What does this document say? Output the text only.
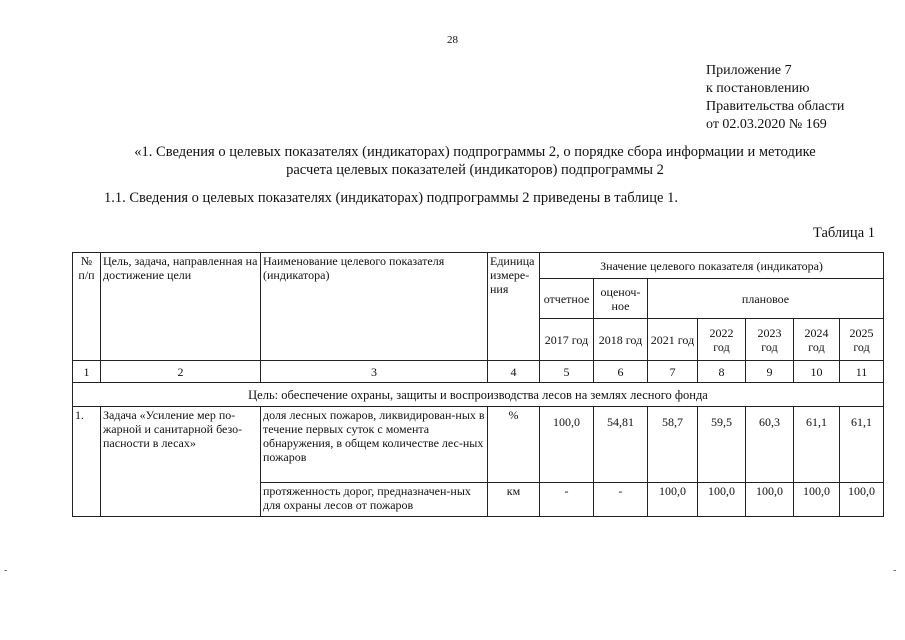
28
Приложение 7
к постановлению
Правительства области
от 02.03.2020 № 169
«1. Сведения о целевых показателях (индикаторах) подпрограммы 2, о порядке сбора информации и методике
расчета целевых показателей (индикаторов) подпрограммы 2
1.1. Сведения о целевых показателях (индикаторах) подпрограммы 2 приведены в таблице 1.
Таблица 1
№ п/п	Цель, задача, направленная на достижение цели	Наименование целевого показателя (индикатора)	Единица измере-ния	Значение целевого показателя (индикатора)						
				отчетное	оценоч-ное	плановое				
				2017 год	2018 год	2021 год	2022 год	2023 год	2024 год	2025 год
1	2	3	4	5	6	7	8	9	10	11
Цель: обеспечение охраны, защиты и воспроизводства лесов на землях лесного фонда										
1.	Задача «Усиление мер по-жарной и санитарной безо-пасности в лесах»	доля лесных пожаров, ликвидирован-ных в течение первых суток с момента обнаружения, в общем количестве лес-ных пожаров	%	100,0	54,81	58,7	59,5	60,3	61,1	61,1
		протяженность дорог, предназначен-ных для охраны лесов от пожаров	км	-	-	100,0	100,0	100,0	100,0	100,0
-	-
